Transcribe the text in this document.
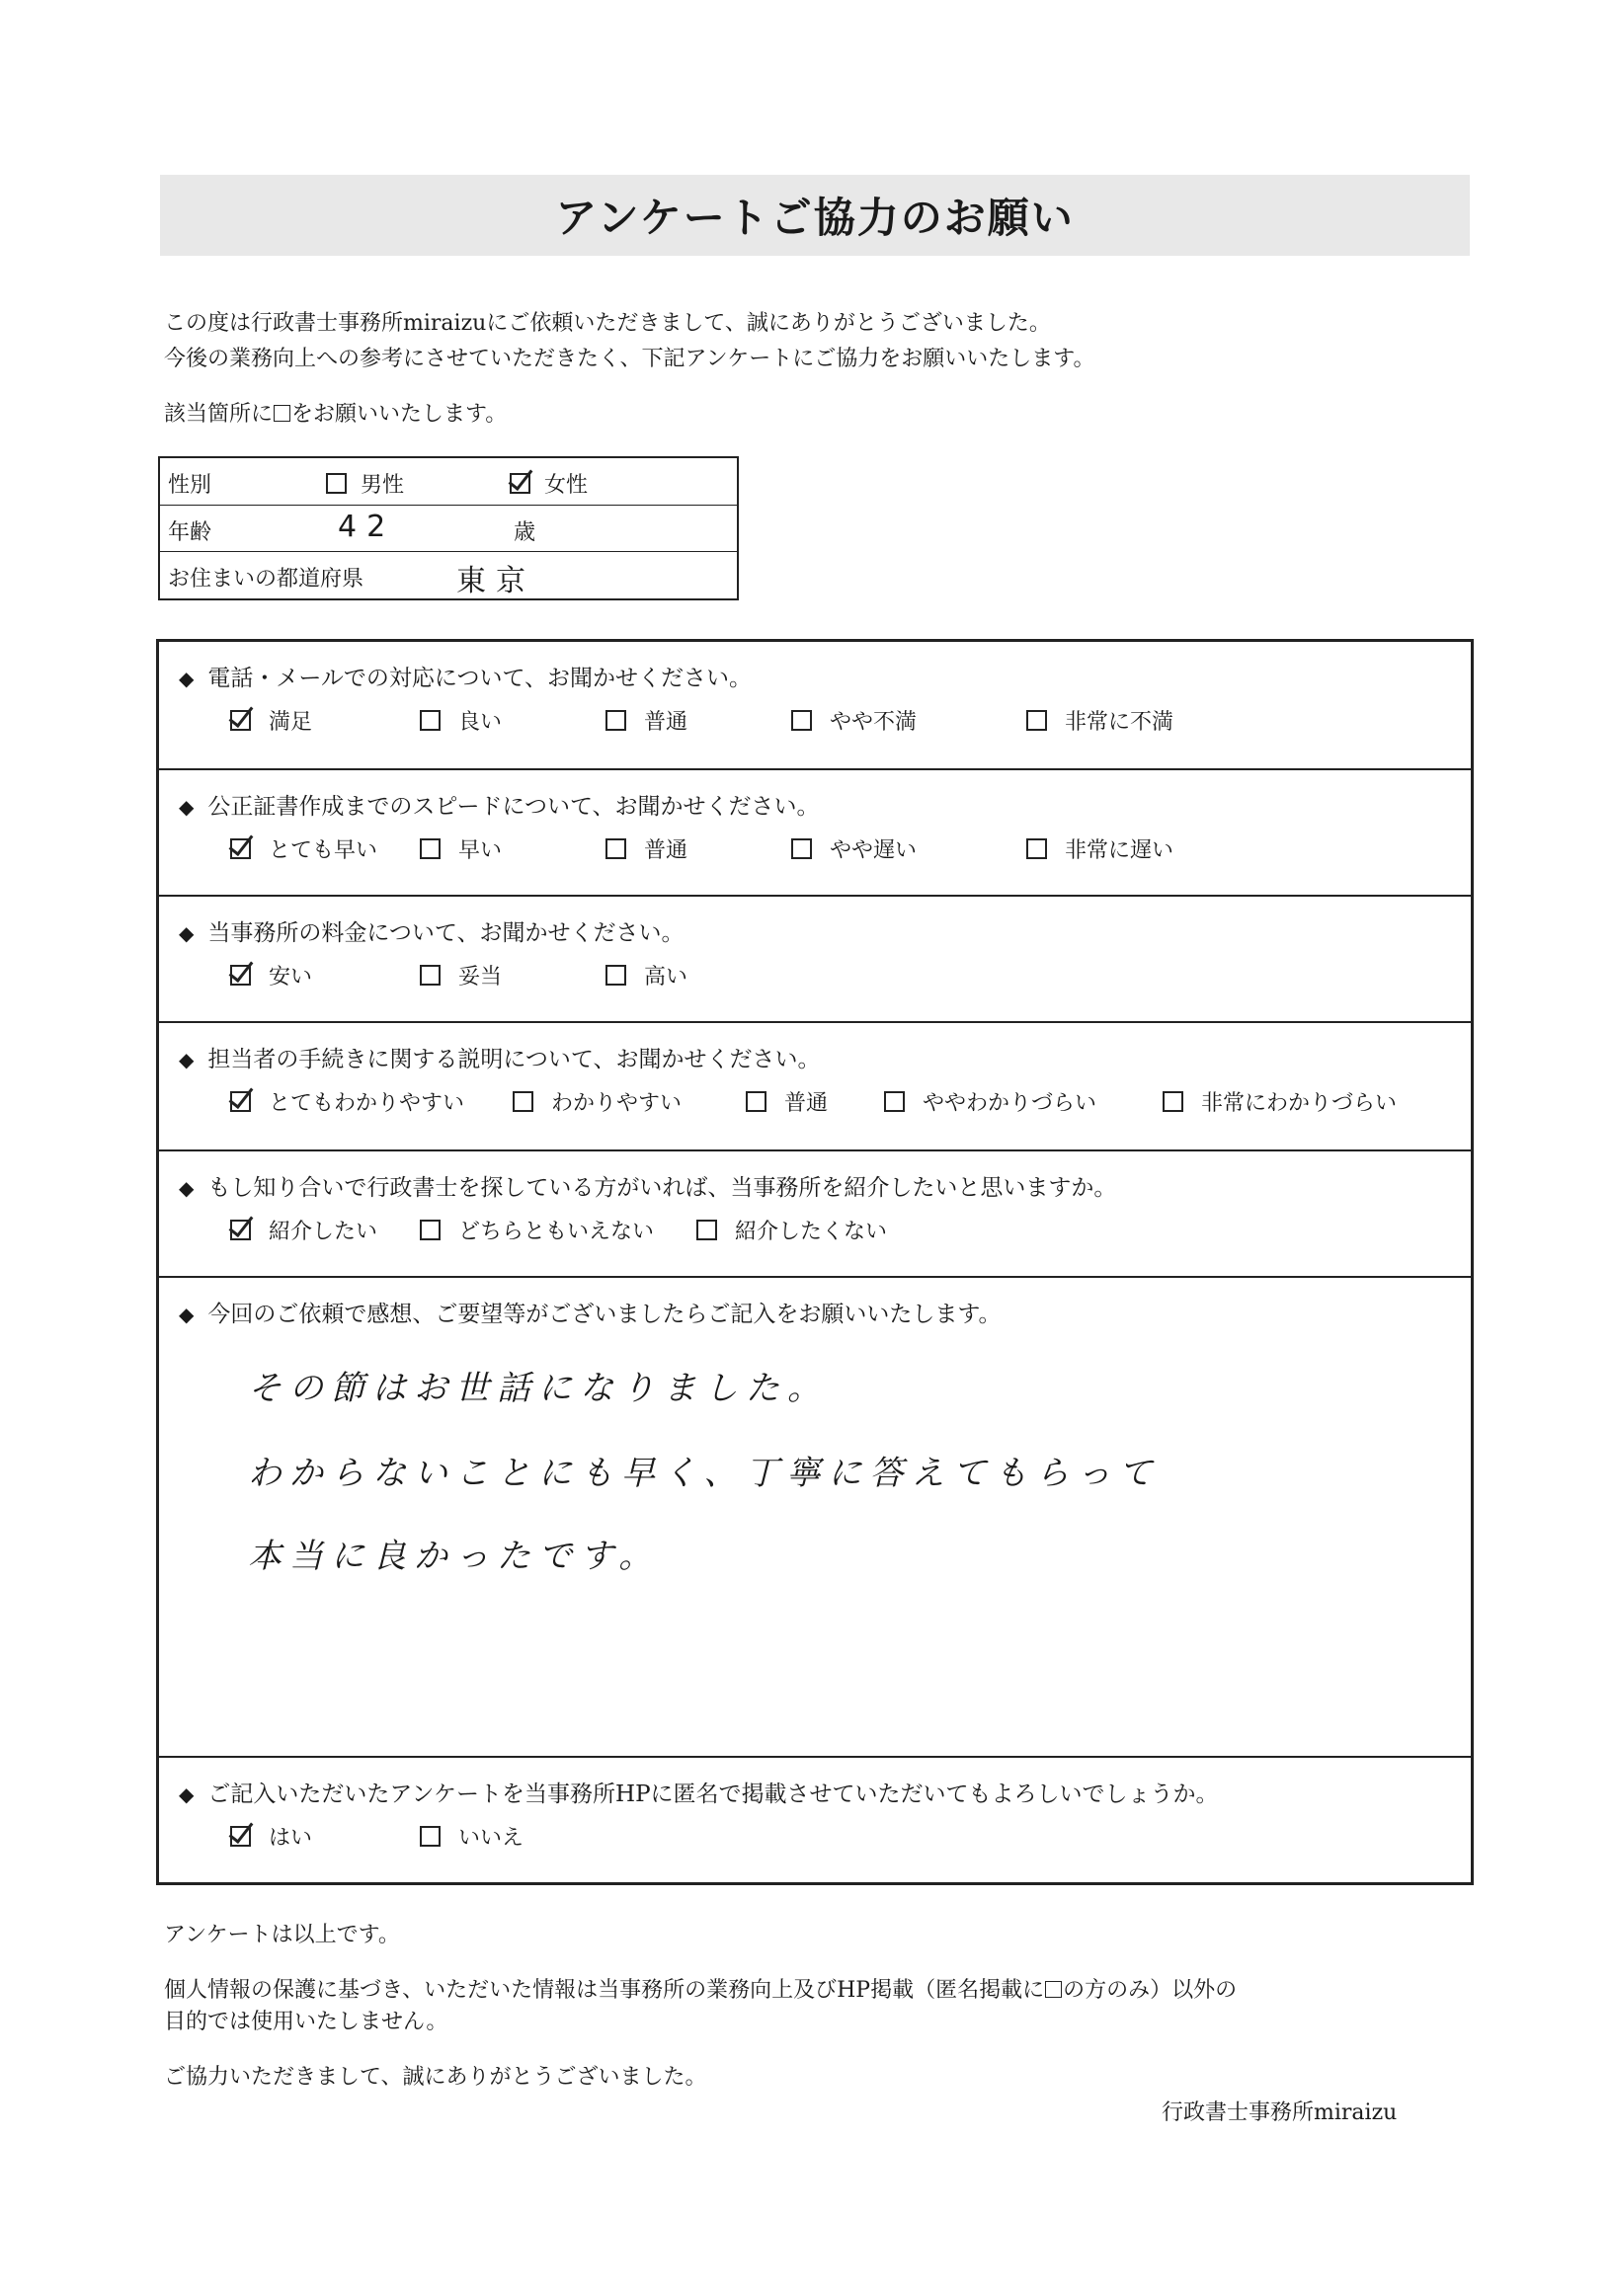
アンケートご協力のお願い
この度は行政書士事務所miraizuにご依頼いただきまして、誠にありがとうございました。
今後の業務向上への参考にさせていただきたく、下記アンケートにご協力をお願いいたします。
該当箇所に をお願いいたします。
性別	男性	女性
年齢	42	歳
お住まいの都道府県	東京
◆ 電話・メールでの対応について、お聞かせください。
満足	良い	普通	やや不満	非常に不満
◆ 公正証書作成までのスピードについて、お聞かせください。
とても早い	早い	普通	やや遅い	非常に遅い
◆ 当事務所の料金について、お聞かせください。
安い	妥当	高い
◆ 担当者の手続きに関する説明について、お聞かせください。
とてもわかりやすい	わかりやすい	普通	ややわかりづらい	非常にわかりづらい
◆ もし知り合いで行政書士を探している方がいれば、当事務所を紹介したいと思いますか。
紹介したい	どちらともいえない	紹介したくない
◆ 今回のご依頼で感想、ご要望等がございましたらご記入をお願いいたします。
その節はお世話になりました。
わからないことにも早く、丁寧に答えてもらって
本当に良かったです。
◆ ご記入いただいたアンケートを当事務所HPに匿名で掲載させていただいてもよろしいでしょうか。
はい	いいえ
アンケートは以上です。
個人情報の保護に基づき、いただいた情報は当事務所の業務向上及びHP掲載（匿名掲載に の方のみ）以外の
目的では使用いたしません。
ご協力いただきまして、誠にありがとうございました。
行政書士事務所miraizu
